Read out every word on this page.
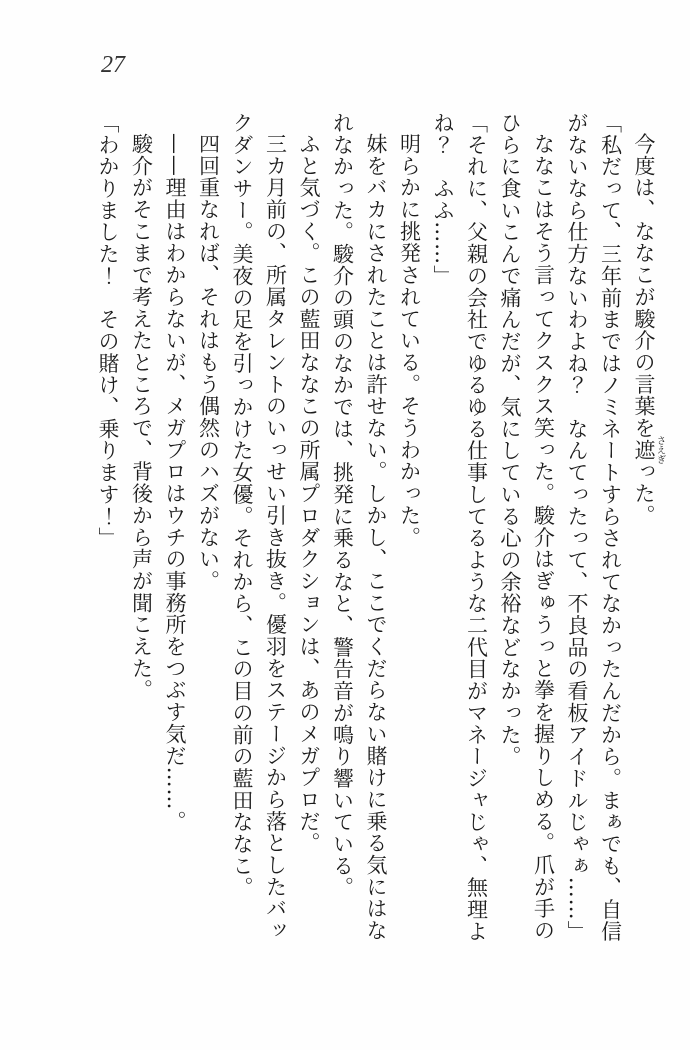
27

今度は、ななこが駿介の言葉を遮さえぎった。

「私だって、三年前まではノミネートすらされてなかったんだから。まぁでも、自信がないなら仕方ないわよね？　なんてったって、不良品の看板アイドルじゃぁ……」

ななこはそう言ってクスクス笑った。駿介はぎゅうっと拳を握りしめる。爪が手のひらに食いこんで痛んだが、気にしている心の余裕などなかった。

「それに、父親の会社でゆるゆる仕事してるような二代目がマネージャじゃ、無理よね？　ふふ……」

明らかに挑発されている。そうわかった。

妹をバカにされたことは許せない。しかし、ここでくだらない賭けに乗る気にはなれなかった。駿介の頭のなかでは、挑発に乗るなと、警告音が鳴り響いている。

ふと気づく。この藍田ななこの所属プロダクションは、あのメガプロだ。

三カ月前の、所属タレントのいっせい引き抜き。優羽をステージから落としたバックダンサー。美夜の足を引っかけた女優。それから、この目の前の藍田ななこ。

四回重なれば、それはもう偶然のハズがない。

——理由はわからないが、メガプロはウチの事務所をつぶす気だ……。

駿介がそこまで考えたところで、背後から声が聞こえた。

「わかりました！　その賭け、乗ります！」
